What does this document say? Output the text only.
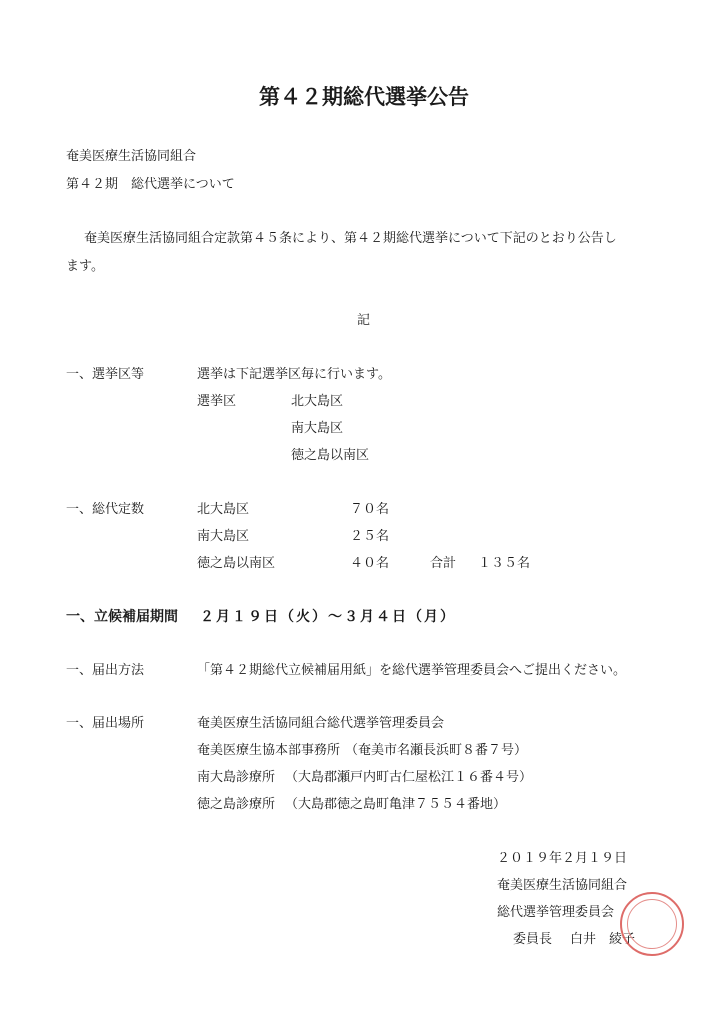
第４２期総代選挙公告
奄美医療生活協同組合
第４２期　総代選挙について
奄美医療生活協同組合定款第４５条により、第４２期総代選挙について下記のとおり公告し
ます。
記
一、選挙区等	選挙は下記選挙区毎に行います。
選挙区	北大島区
南大島区
徳之島以南区
一、総代定数	北大島区	７０名
南大島区	２５名
徳之島以南区	４０名	合計 １３５名
一、立候補届期間 ２月１９日（火）～３月４日（月）
一、届出方法	「第４２期総代立候補届用紙」を総代選挙管理委員会へご提出ください。
一、届出場所	奄美医療生活協同組合総代選挙管理委員会
奄美医療生協本部事務所 （奄美市名瀬長浜町８番７号）
南大島診療所 （大島郡瀬戸内町古仁屋松江１６番４号）
徳之島診療所 （大島郡徳之島町亀津７５５４番地）
２０１９年２月１９日
奄美医療生活協同組合
総代選挙管理委員会
委員長 白井　綾子
